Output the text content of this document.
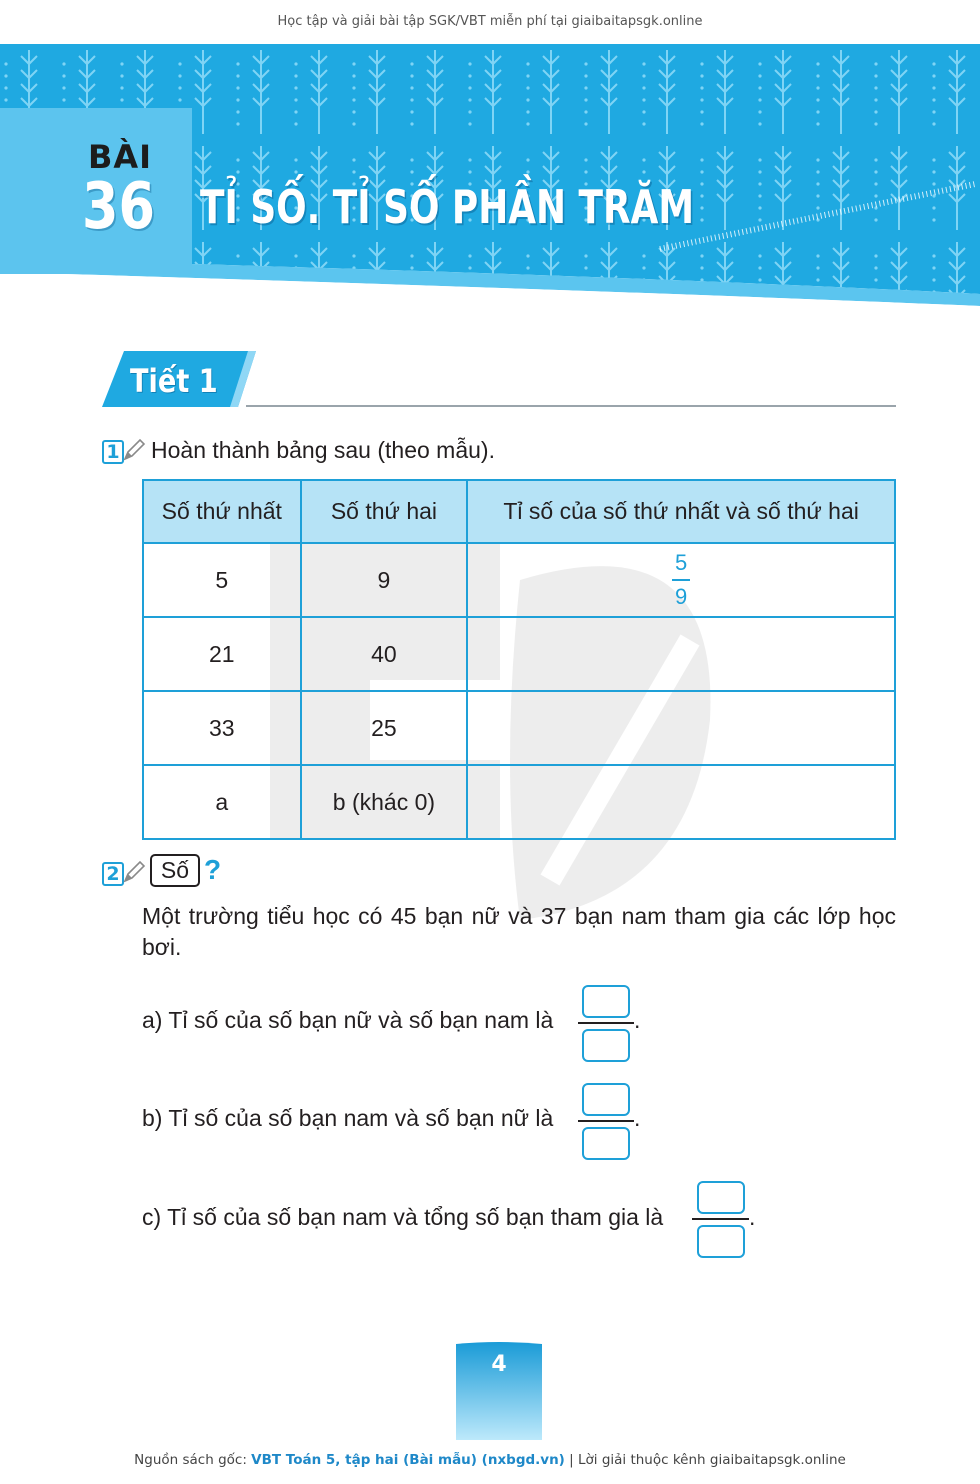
Học tập và giải bài tập SGK/VBT miễn phí tại giaibaitapsgk.online
BÀI
36 TỈ SỐ. TỈ SỐ PHẦN TRĂM
Tiết 1
1 Hoàn thành bảng sau (theo mẫu).
Số thứ nhất	Số thứ hai	Tỉ số của số thứ nhất và số thứ hai
5	9	$\frac{5}{9}$
21	40	
33	25	
a	b (khác 0)	
2	Số ?
Một trường tiểu học có 45 bạn nữ và 37 bạn nam tham gia các lớp học bơi.
a) Tỉ số của số bạn nữ và số bạn nam là	.
b) Tỉ số của số bạn nam và số bạn nữ là	.
c) Tỉ số của số bạn nam và tổng số bạn tham gia là	.
4
Nguồn sách gốc: VBT Toán 5, tập hai (Bài mẫu) (nxbgd.vn) | Lời giải thuộc kênh giaibaitapsgk.online
